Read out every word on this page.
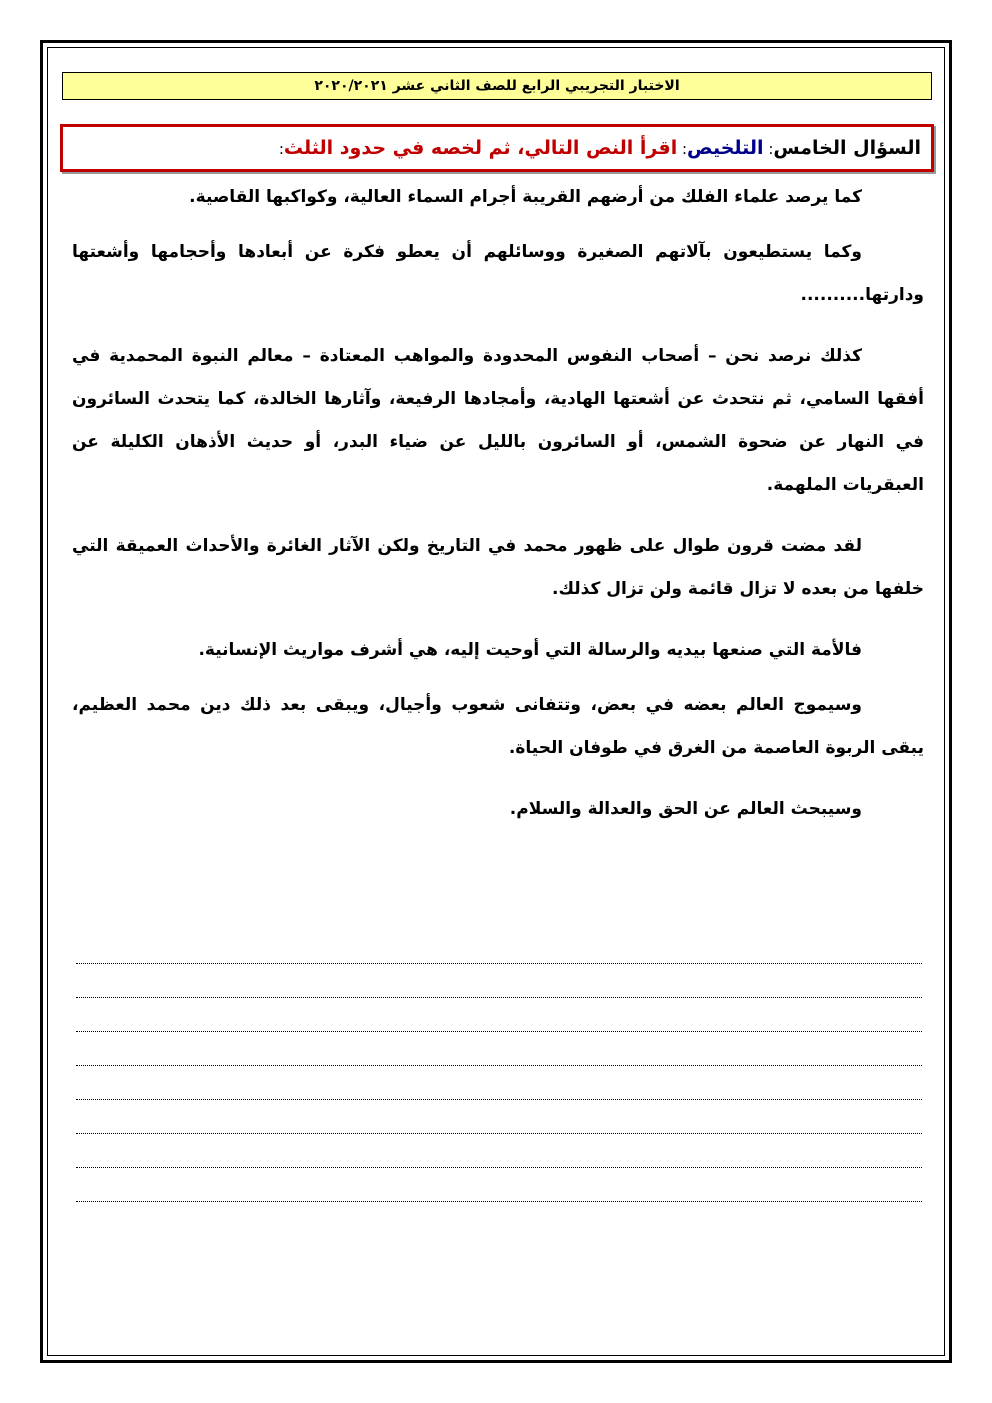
الاختبار التجريبي الرابع للصف الثاني عشر ٢٠٢٠/٢٠٢١
السؤال الخامس: التلخيص: اقرأ النص التالي، ثم لخصه في حدود الثلث:

كما يرصد علماء الفلك من أرضهم القريبة أجرام السماء العالية، وكواكبها القاصية.

وكما يستطيعون بآلاتهم الصغيرة ووسائلهم أن يعطو فكرة عن أبعادها وأحجامها وأشعتها ودارتها..........

كذلك نرصد نحن – أصحاب النفوس المحدودة والمواهب المعتادة – معالم النبوة المحمدية في أفقها السامي، ثم نتحدث عن أشعتها الهادية، وأمجادها الرفيعة، وآثارها الخالدة، كما يتحدث السائرون في النهار عن ضحوة الشمس، أو السائرون بالليل عن ضياء البدر، أو حديث الأذهان الكليلة عن العبقريات الملهمة.

لقد مضت قرون طوال على ظهور محمد في التاريخ ولكن الآثار الغائرة والأحداث العميقة التي خلفها من بعده لا تزال قائمة ولن تزال كذلك.

فالأمة التي صنعها بيديه والرسالة التي أوحيت إليه، هي أشرف مواريث الإنسانية.

وسيموج العالم بعضه في بعض، وتتفانى شعوب وأجيال، ويبقى بعد ذلك دين محمد العظيم، يبقى الربوة العاصمة من الغرق في طوفان الحياة.

وسيبحث العالم عن الحق والعدالة والسلام.
